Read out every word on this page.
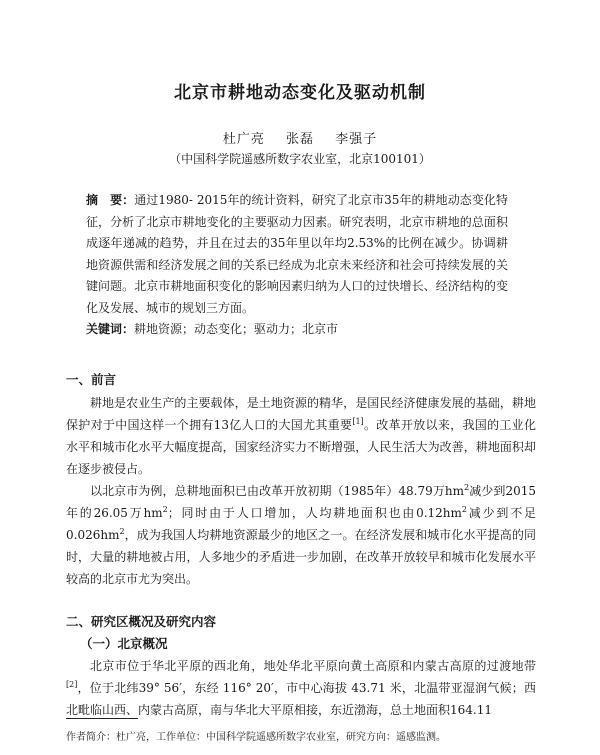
北京市耕地动态变化及驱动机制
杜广亮 张磊 李强子
（中国科学院遥感所数字农业室，北京100101）
摘　要：通过1980- 2015年的统计资料，研究了北京市35年的耕地动态变化特征，分析了北京市耕地变化的主要驱动力因素。研究表明，北京市耕地的总面积成逐年递减的趋势，并且在过去的35年里以年均2.53%的比例在减少。协调耕地资源供需和经济发展之间的关系已经成为北京未来经济和社会可持续发展的关键问题。北京市耕地面积变化的影响因素归纳为人口的过快增长、经济结构的变化及发展、城市的规划三方面。
关键词：耕地资源；动态变化；驱动力；北京市
一、前言
耕地是农业生产的主要载体，是土地资源的精华，是国民经济健康发展的基础，耕地保护对于中国这样一个拥有13亿人口的大国尤其重要[1]。改革开放以来，我国的工业化水平和城市化水平大幅度提高，国家经济实力不断增强，人民生活大为改善，耕地面积却在逐步被侵占。
以北京市为例，总耕地面积已由改革开放初期（1985年）48.79万$hm^2$减少到2015年的26.05万$hm^2$；同时由于人口增加，人均耕地面积也由$0.12hm^2$减少到不足$0.026hm^2$，成为我国人均耕地资源最少的地区之一。在经济发展和城市化水平提高的同时，大量的耕地被占用，人多地少的矛盾进一步加剧，在改革开放较早和城市化发展水平较高的北京市尤为突出。
二、研究区概况及研究内容
（一）北京概况
北京市位于华北平原的西北角，地处华北平原向黄土高原和内蒙古高原的过渡地带[2]，位于北纬39° 56′，东经 116° 20′，市中心海拔 43.71 米，北温带亚湿润气候；西北毗临山西、内蒙古高原，南与华北大平原相接，东近渤海，总土地面积164.11
作者简介：杜广亮，工作单位：中国科学院遥感所数字农业室，研究方向：遥感监测。
